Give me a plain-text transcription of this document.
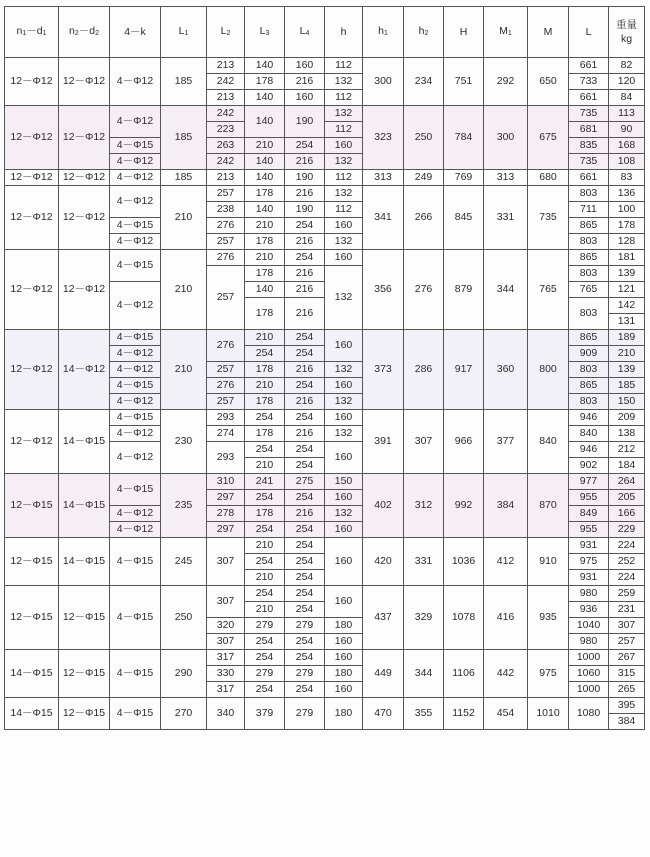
$n_1-d_1$	$n_2-d_2$	4－k	$L_1$	$L_2$	$L_3$	$L_4$	h	$h_1$	$h_2$	H	$M_1$	M	L	重量
kg
12－Φ12	12－Φ12	4－Φ12	185	213	140	160	112	300	234	751	292	650	661	82
				242	178	216	132						733	120
				213	140	160	112						661	84
12－Φ12	12－Φ12	4－Φ12	185	242	140	190	132	323	250	784	300	675	735	113
				223			112						681	90
		4－Φ15		263	210	254	160						835	168
		4－Φ12		242	140	216	132						735	108
12－Φ12	12－Φ12	4－Φ12	185	213	140	190	112	313	249	769	313	680	661	83
12－Φ12	12－Φ12	4－Φ12	210	257	178	216	132	341	266	845	331	735	803	136
				238	140	190	112						711	100
		4－Φ15		276	210	254	160						865	178
		4－Φ12		257	178	216	132						803	128
12－Φ12	12－Φ12	4－Φ15	210	276	210	254	160	356	276	879	344	765	865	181
				257	178	216	132						803	139
		4－Φ12			140	216							765	121
					178	216							803	142
														131
12－Φ12	14－Φ12	4－Φ15	210	276	210	254	160	373	286	917	360	800	865	189
		4－Φ12			254	254							909	210
		4－Φ12		257	178	216	132						803	139
		4－Φ15		276	210	254	160						865	185
		4－Φ12		257	178	216	132						803	150
12－Φ12	14－Φ15	4－Φ15	230	293	254	254	160	391	307	966	377	840	946	209
		4－Φ12		274	178	216	132						840	138
		4－Φ12		293	254	254	160						946	212
					210	254							902	184
12－Φ15	14－Φ15	4－Φ15	235	310	241	275	150	402	312	992	384	870	977	264
				297	254	254	160						955	205
		4－Φ12		278	178	216	132						849	166
		4－Φ12		297	254	254	160						955	229
12－Φ15	14－Φ15	4－Φ15	245	307	210	254	160	420	331	1036	412	910	931	224
					254	254							975	252
					210	254							931	224
12－Φ15	12－Φ15	4－Φ15	250	307	254	254	160	437	329	1078	416	935	980	259
					210	254							936	231
				320	279	279	180						1040	307
				307	254	254	160						980	257
14－Φ15	12－Φ15	4－Φ15	290	317	254	254	160	449	344	1106	442	975	1000	267
				330	279	279	180						1060	315
				317	254	254	160						1000	265
14－Φ15	12－Φ15	4－Φ15	270	340	379	279	180	470	355	1152	454	1010	1080	395
														384
